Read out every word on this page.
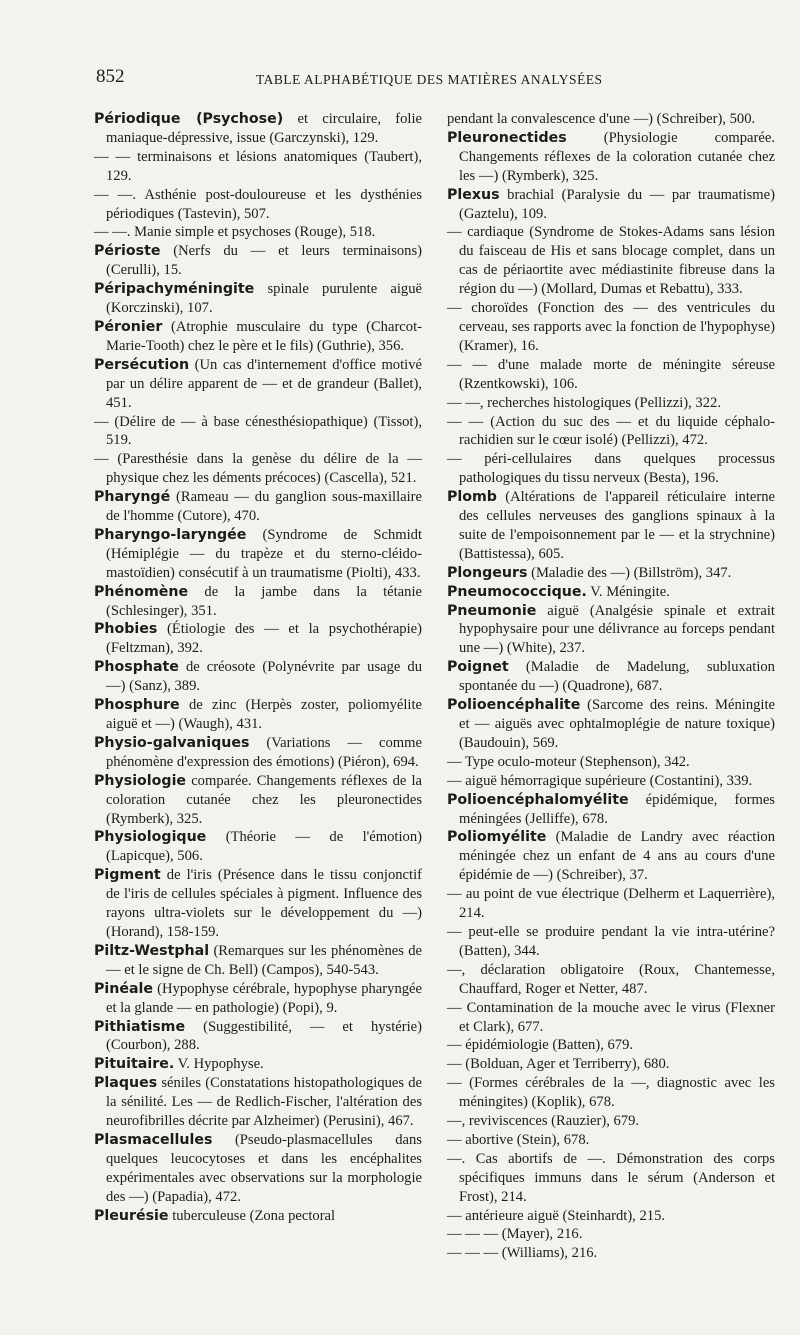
852	TABLE ALPHABÉTIQUE DES MATIÈRES ANALYSÉES
Périodique (Psychose) et circulaire, folie maniaque-dépressive, issue (Garczynski), 129.
— — terminaisons et lésions anatomiques (Taubert), 129.
— —. Asthénie post-douloureuse et les dysthénies périodiques (Tastevin), 507.
— —. Manie simple et psychoses (Rouge), 518.
Périoste (Nerfs du — et leurs terminaisons) (Cerulli), 15.
Péripachyméningite spinale purulente aiguë (Korczinski), 107.
Péronier (Atrophie musculaire du type (Charcot-Marie-Tooth) chez le père et le fils) (Guthrie), 356.
Persécution (Un cas d'internement d'office motivé par un délire apparent de — et de grandeur (Ballet), 451.
— (Délire de — à base cénesthésiopathique) (Tissot), 519.
— (Paresthésie dans la genèse du délire de la — physique chez les déments précoces) (Cascella), 521.
Pharyngé (Rameau — du ganglion sous-maxillaire de l'homme (Cutore), 470.
Pharyngo-laryngée (Syndrome de Schmidt (Hémiplégie — du trapèze et du sterno-cléido-mastoïdien) consécutif à un traumatisme (Piolti), 433.
Phénomène de la jambe dans la tétanie (Schlesinger), 351.
Phobies (Étiologie des — et la psychothérapie) (Feltzman), 392.
Phosphate de créosote (Polynévrite par usage du —) (Sanz), 389.
Phosphure de zinc (Herpès zoster, poliomyélite aiguë et —) (Waugh), 431.
Physio-galvaniques (Variations — comme phénomène d'expression des émotions) (Piéron), 694.
Physiologie comparée. Changements réflexes de la coloration cutanée chez les pleuronectides (Rymberk), 325.
Physiologique (Théorie — de l'émotion) (Lapicque), 506.
Pigment de l'iris (Présence dans le tissu conjonctif de l'iris de cellules spéciales à pigment. Influence des rayons ultra-violets sur le développement du —) (Horand), 158-159.
Piltz-Westphal (Remarques sur les phénomènes de — et le signe de Ch. Bell) (Campos), 540-543.
Pinéale (Hypophyse cérébrale, hypophyse pharyngée et la glande — en pathologie) (Popi), 9.
Pithiatisme (Suggestibilité, — et hystérie) (Courbon), 288.
Pituitaire. V. Hypophyse.
Plaques séniles (Constatations histopathologiques de la sénilité. Les — de Redlich-Fischer, l'altération des neurofibrilles décrite par Alzheimer) (Perusini), 467.
Plasmacellules (Pseudo-plasmacellules dans quelques leucocytoses et dans les encéphalites expérimentales avec observations sur la morphologie des —) (Papadia), 472.
Pleurésie tuberculeuse (Zona pectoral
pendant la convalescence d'une —) (Schreiber), 500.
Pleuronectides	(Physiologie comparée. Changements réflexes de la coloration cutanée chez les —) (Rymberk), 325.
Plexus brachial (Paralysie du — par traumatisme) (Gaztelu), 109.
— cardiaque (Syndrome de Stokes-Adams sans lésion du faisceau de His et sans blocage complet, dans un cas de périaortite avec médiastinite fibreuse dans la région du —) (Mollard, Dumas et Rebattu), 333.
— choroïdes (Fonction des — des ventricules du cerveau, ses rapports avec la fonction de l'hypophyse) (Kramer), 16.
— — d'une malade morte de méningite séreuse (Rzentkowski), 106.
— —, recherches histologiques (Pellizzi), 322.
— — (Action du suc des — et du liquide céphalo-rachidien sur le cœur isolé) (Pellizzi), 472.
— péri-cellulaires dans quelques processus pathologiques du tissu nerveux (Besta), 196.
Plomb (Altérations de l'appareil réticulaire interne des cellules nerveuses des ganglions spinaux à la suite de l'empoisonnement par le — et la strychnine) (Battistessa), 605.
Plongeurs (Maladie des —) (Billström), 347.
Pneumococcique. V. Méningite.
Pneumonie aiguë (Analgésie spinale et extrait hypophysaire pour une délivrance au forceps pendant une —) (White), 237.
Poignet (Maladie de Madelung, subluxation spontanée du —) (Quadrone), 687.
Polioencéphalite (Sarcome des reins. Méningite et — aiguës avec ophtalmoplégie de nature toxique) (Baudouin), 569.
— Type oculo-moteur (Stephenson), 342.
— aiguë hémorragique supérieure (Costantini), 339.
Polioencéphalomyélite épidémique, formes méningées (Jelliffe), 678.
Poliomyélite (Maladie de Landry avec réaction méningée chez un enfant de 4 ans au cours d'une épidémie de —) (Schreiber), 37.
— au point de vue électrique (Delherm et Laquerrière), 214.
— peut-elle se produire pendant la vie intra-utérine? (Batten), 344.
—, déclaration obligatoire (Roux, Chantemesse, Chauffard, Roger et Netter, 487.
— Contamination de la mouche avec le virus (Flexner et Clark), 677.
— épidémiologie (Batten), 679.
— (Bolduan, Ager et Terriberry), 680.
— (Formes cérébrales de la —, diagnostic avec les méningites) (Koplik), 678.
—, reviviscences (Rauzier), 679.
— abortive (Stein), 678.
—. Cas abortifs de —. Démonstration des corps spécifiques immuns dans le sérum (Anderson et Frost), 214.
— antérieure aiguë (Steinhardt), 215.
— — — (Mayer), 216.
— — — (Williams), 216.
